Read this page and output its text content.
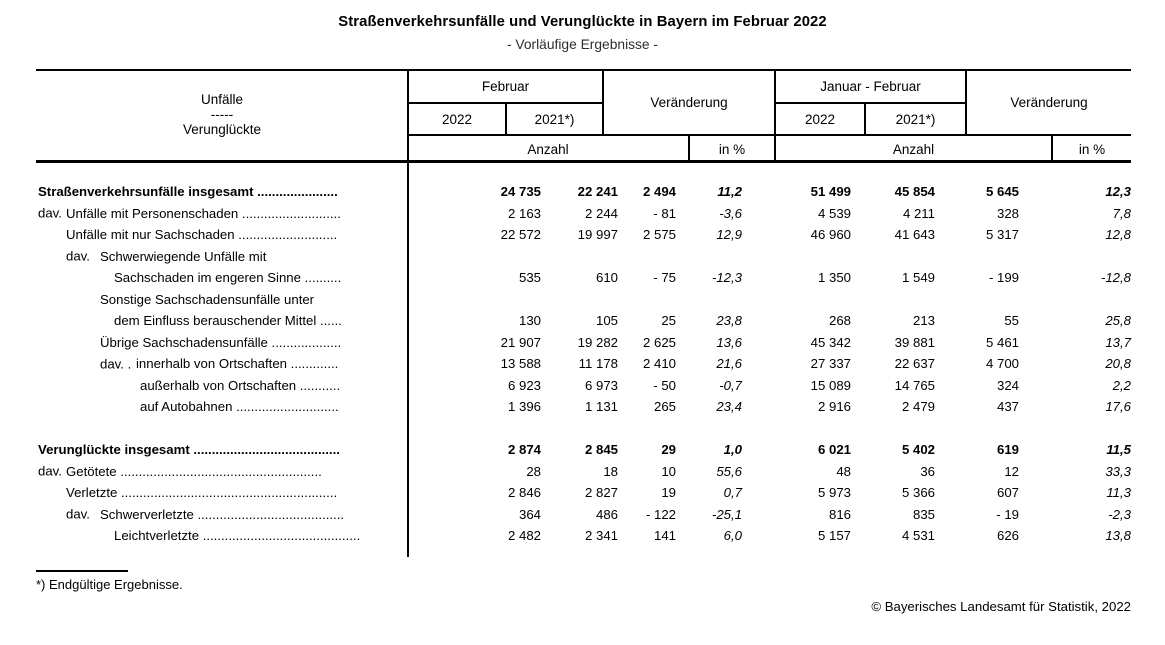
Straßenverkehrsunfälle und Verunglückte in Bayern im Februar 2022
- Vorläufige Ergebnisse -
Unfälle
-----
Verunglückte
Februar
2022	2021*)
Veränderung
Januar - Februar
2022	2021*)
Veränderung
Anzahl	in %	Anzahl	in %

Straßenverkehrsunfälle insgesamt ......................	24 735	22 241	2 494	11,2	51 499	45 854	5 645	12,3

dav. Unfälle mit Personenschaden ...........................	2 163	2 244	- 81	-3,6	4 539	4 211	328	7,8
Unfälle mit nur Sachschaden ...........................	22 572	19 997	2 575	12,9	46 960	41 643	5 317	12,8

dav. Schwerwiegende Unfälle mit								
Sachschaden im engeren Sinne ..........	535	610	- 75	-12,3	1 350	1 549	- 199	-12,8
Sonstige Sachschadensunfälle unter								
dem Einfluss berauschender Mittel ......	130	105	25	23,8	268	213	55	25,8
Übrige Sachschadensunfälle ...................	21 907	19 282	2 625	13,6	45 342	39 881	5 461	13,7

dav. . innerhalb von Ortschaften .............	13 588	11 178	2 410	21,6	27 337	22 637	4 700	20,8
außerhalb von Ortschaften ...........	6 923	6 973	- 50	-0,7	15 089	14 765	324	2,2
auf Autobahnen ............................	1 396	1 131	265	23,4	2 916	2 479	437	17,6

Verunglückte insgesamt ........................................	2 874	2 845	29	1,0	6 021	5 402	619	11,5

dav. Getötete .......................................................	28	18	10	55,6	48	36	12	33,3
Verletzte ...........................................................	2 846	2 827	19	0,7	5 973	5 366	607	11,3

dav. Schwerverletzte ........................................	364	486	- 122	-25,1	816	835	- 19	-2,3
Leichtverletzte ...........................................	2 482	2 341	141	6,0	5 157	4 531	626	13,8
*) Endgültige Ergebnisse.
© Bayerisches Landesamt für Statistik, 2022
